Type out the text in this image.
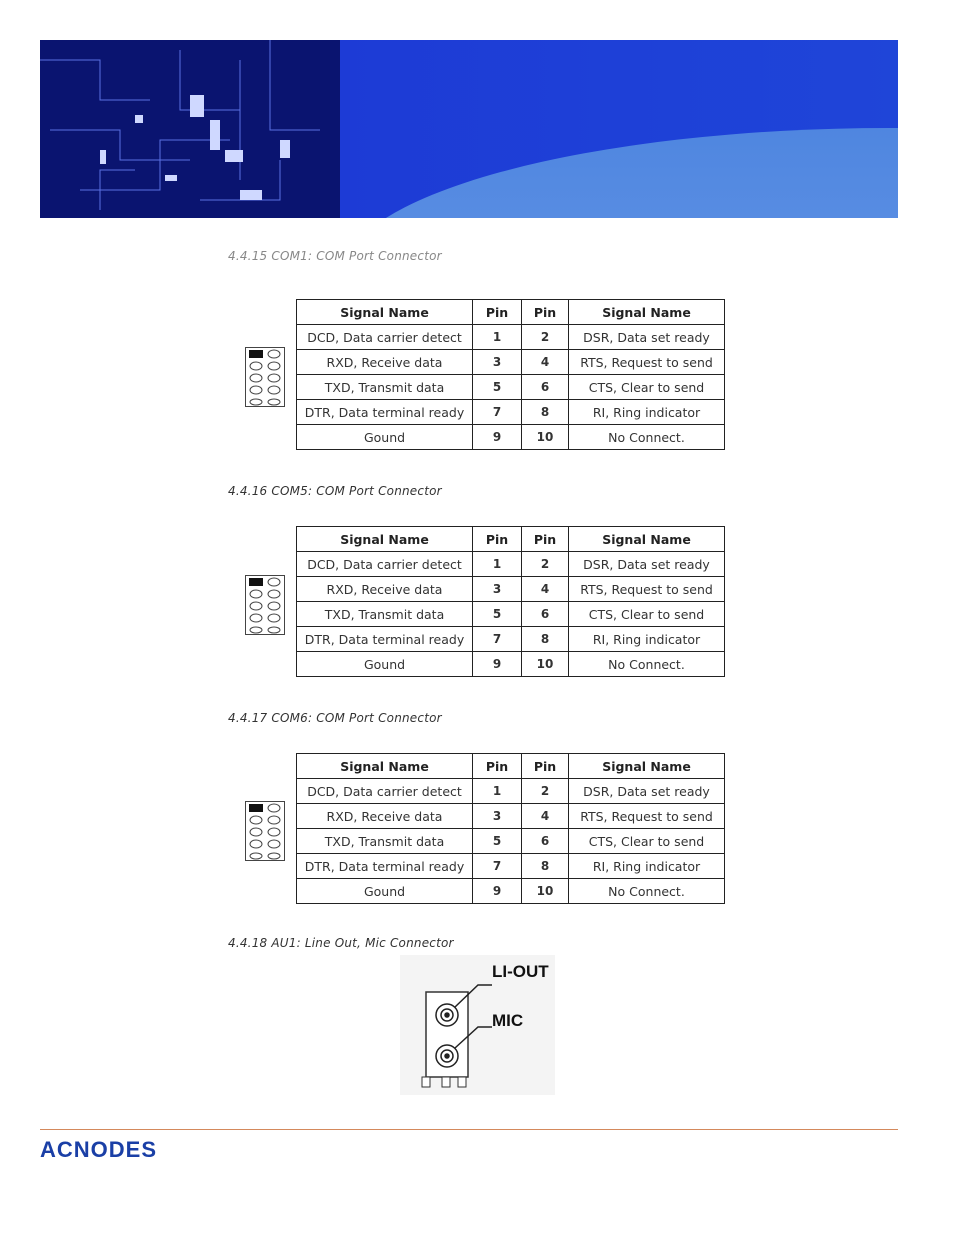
4.4.15 COM1: COM Port Connector
Signal Name	Pin	Pin	Signal Name
DCD, Data carrier detect	1	2	DSR, Data set ready
RXD, Receive data	3	4	RTS, Request to send
TXD, Transmit data	5	6	CTS, Clear to send
DTR, Data terminal ready	7	8	RI, Ring indicator
Gound	9	10	No Connect.
4.4.16 COM5: COM Port Connector
Signal Name	Pin	Pin	Signal Name
DCD, Data carrier detect	1	2	DSR, Data set ready
RXD, Receive data	3	4	RTS, Request to send
TXD, Transmit data	5	6	CTS, Clear to send
DTR, Data terminal ready	7	8	RI, Ring indicator
Gound	9	10	No Connect.
4.4.17 COM6: COM Port Connector
Signal Name	Pin	Pin	Signal Name
DCD, Data carrier detect	1	2	DSR, Data set ready
RXD, Receive data	3	4	RTS, Request to send
TXD, Transmit data	5	6	CTS, Clear to send
DTR, Data terminal ready	7	8	RI, Ring indicator
Gound	9	10	No Connect.
4.4.18 AU1: Line Out, Mic Connector
LI-OUT
MIC
ACNODES
